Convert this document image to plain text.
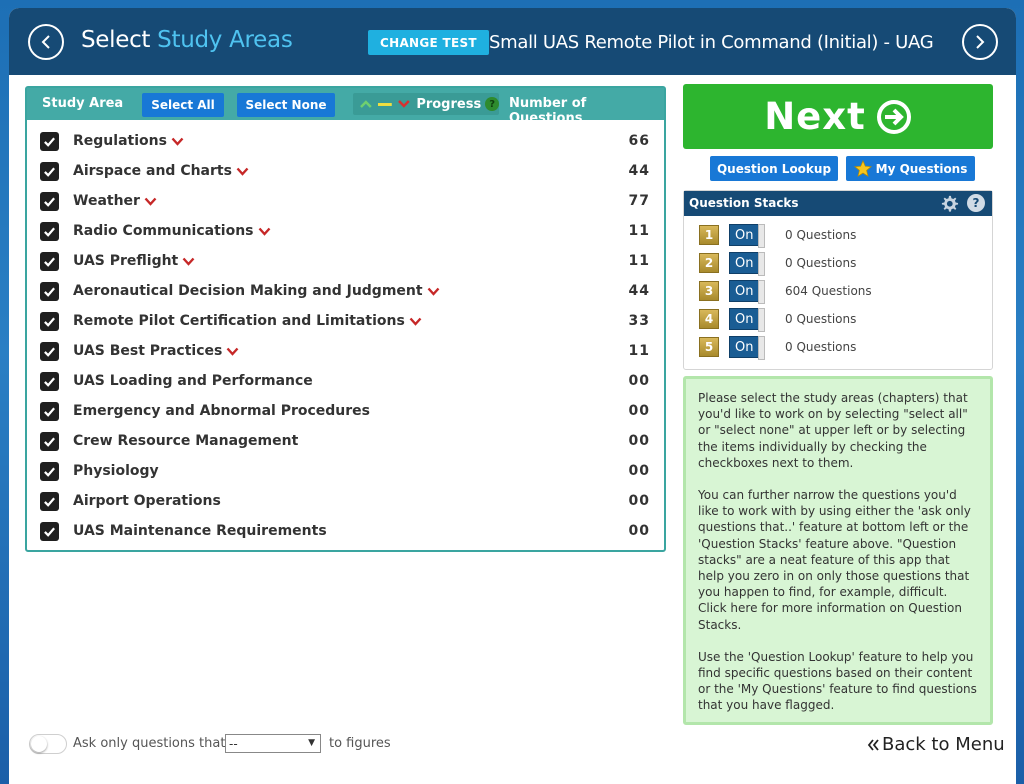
Select Study Areas	CHANGE TEST Small UAS Remote Pilot in Command (Initial) - UAG
Study Area	Select All	Select None	Progress ?	Number of Questions
Regulations	66
Airspace and Charts	44
Weather	77
Radio Communications	11
UAS Preflight	11
Aeronautical Decision Making and Judgment	44
Remote Pilot Certification and Limitations	33
UAS Best Practices	11
UAS Loading and Performance	00
Emergency and Abnormal Procedures	00
Crew Resource Management	00
Physiology	00
Airport Operations	00
UAS Maintenance Requirements	00
Next
Question Lookup	My Questions
Question Stacks	?
1	On	0 Questions
2	On	0 Questions
3	On	604 Questions
4	On	0 Questions
5	On	0 Questions

Please select the study areas (chapters) that you'd like to work on by selecting "select all" or "select none" at upper left or by selecting the items individually by checking the checkboxes next to them.

You can further narrow the questions you'd like to work with by using either the 'ask only questions that..' feature at bottom left or the 'Question Stacks' feature above. "Question stacks" are a neat feature of this app that help you zero in on only those questions that you happen to find, for example, difficult. Click here for more information on Question Stacks.

Use the 'Question Lookup' feature to help you find specific questions based on their content or the 'My Questions' feature to find questions that you have flagged.

Ask only questions that --	▼ to figures	Back to Menu
